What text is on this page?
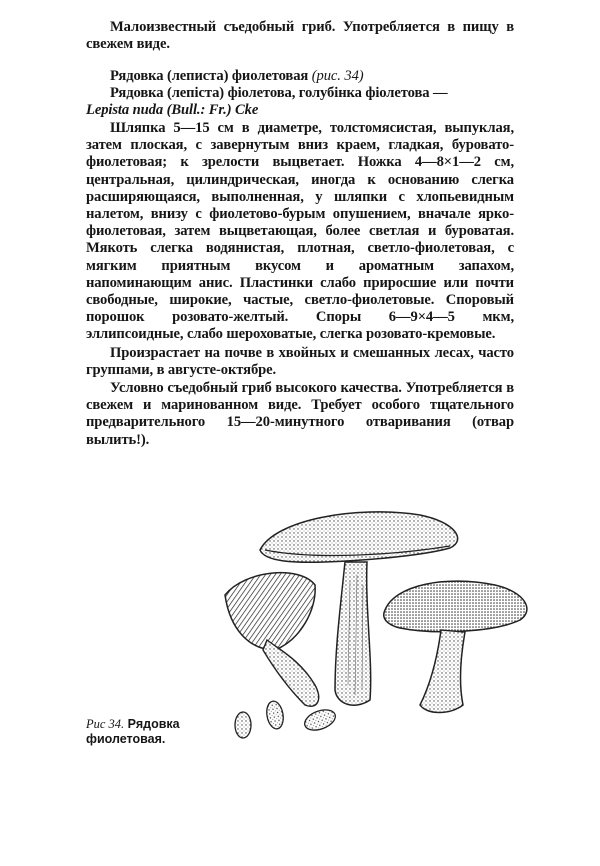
Малоизвестный съедобный гриб. Употребляется в пищу в свежем виде.

Рядовка (леписта) фиолетовая (рис. 34)

Рядовка (лепіста) фіолетова, голубінка фіолетова —

Lepista nuda (Bull.: Fr.) Cke

Шляпка 5—15 см в диаметре, толстомясистая, выпуклая, затем плоская, с завернутым вниз краем, гладкая, буровато-фиолетовая; к зрелости выцветает. Ножка 4—8×1—2 см, центральная, цилиндрическая, иногда к основанию слегка расширяющаяся, выполненная, у шляпки с хлопьевидным налетом, внизу с фиолетово-бурым опушением, вначале ярко-фиолетовая, затем выцветающая, более светлая и буроватая. Мякоть слегка водянистая, плотная, светло-фиолетовая, с мягким приятным вкусом и ароматным запахом, напоминающим анис. Пластинки слабо приросшие или почти свободные, широкие, частые, светло-фиолетовые. Споровый порошок розовато-желтый. Споры 6—9×4—5 мкм, эллипсоидные, слабо шероховатые, слегка розовато-кремовые.

Произрастает на почве в хвойных и смешанных лесах, часто группами, в августе-октябре.

Условно съедобный гриб высокого качества. Употребляется в свежем и маринованном виде. Требует особого тщательного предварительного 15—20-минутного отваривания (отвар вылить!).

Рис 34. Рядовка фиолетовая.
